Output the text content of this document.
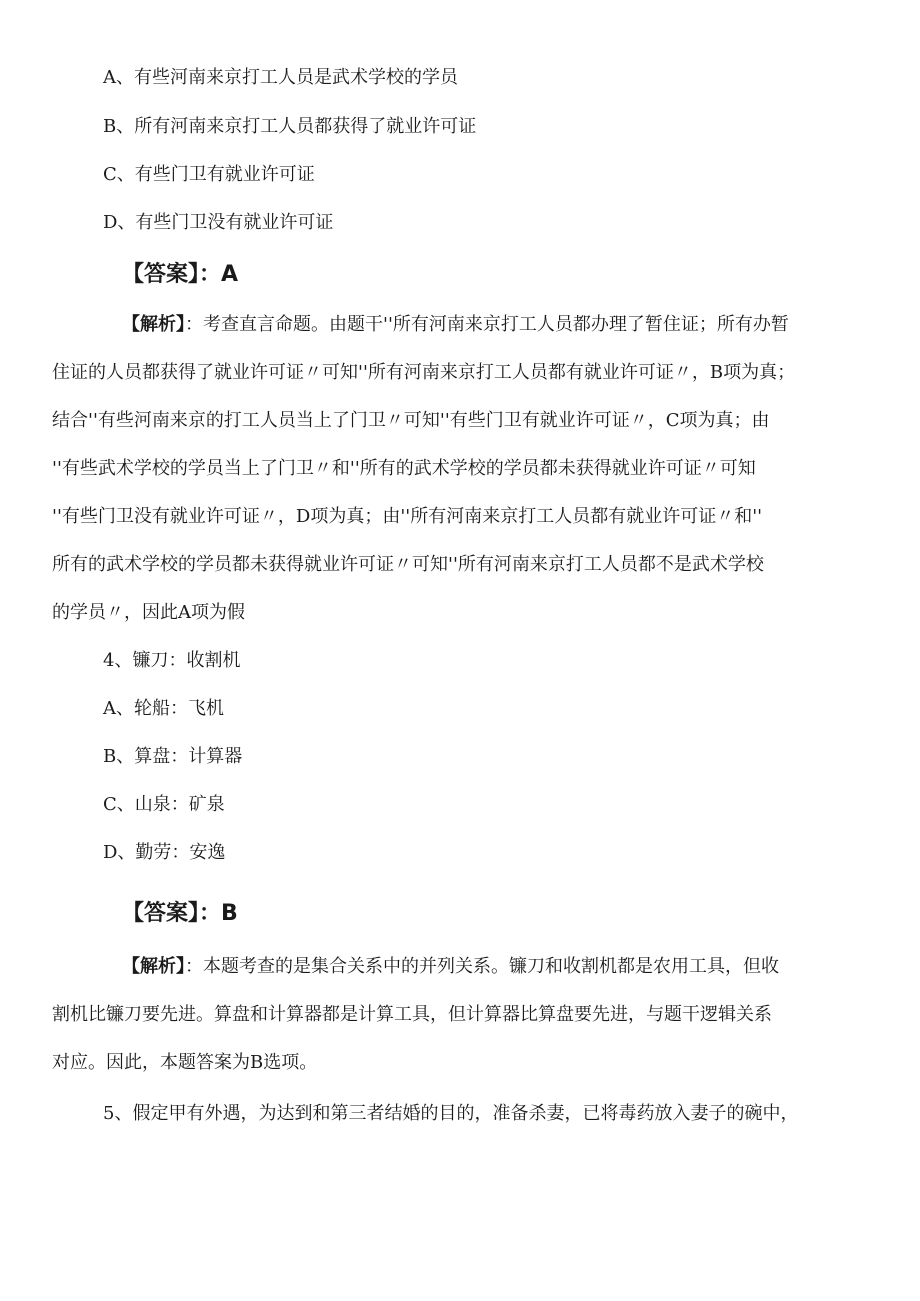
A、有些河南来京打工人员是武术学校的学员
B、所有河南来京打工人员都获得了就业许可证
C、有些门卫有就业许可证
D、有些门卫没有就业许可证
【答案】：A
【解析】：考查直言命题。由题干''所有河南来京打工人员都办理了暂住证；所有办暂
住证的人员都获得了就业许可证〃可知''所有河南来京打工人员都有就业许可证〃，B项为真；
结合''有些河南来京的打工人员当上了门卫〃可知''有些门卫有就业许可证〃，C项为真；由
''有些武术学校的学员当上了门卫〃和''所有的武术学校的学员都未获得就业许可证〃可知
''有些门卫没有就业许可证〃，D项为真；由''所有河南来京打工人员都有就业许可证〃和''
所有的武术学校的学员都未获得就业许可证〃可知''所有河南来京打工人员都不是武术学校
的学员〃，因此A项为假
4、镰刀：收割机
A、轮船：飞机
B、算盘：计算器
C、山泉：矿泉
D、勤劳：安逸
【答案】：B
【解析】：本题考查的是集合关系中的并列关系。镰刀和收割机都是农用工具，但收
割机比镰刀要先进。算盘和计算器都是计算工具，但计算器比算盘要先进，与题干逻辑关系
对应。因此，本题答案为B选项。
5、假定甲有外遇，为达到和第三者结婚的目的，准备杀妻，已将毒药放入妻子的碗中，
